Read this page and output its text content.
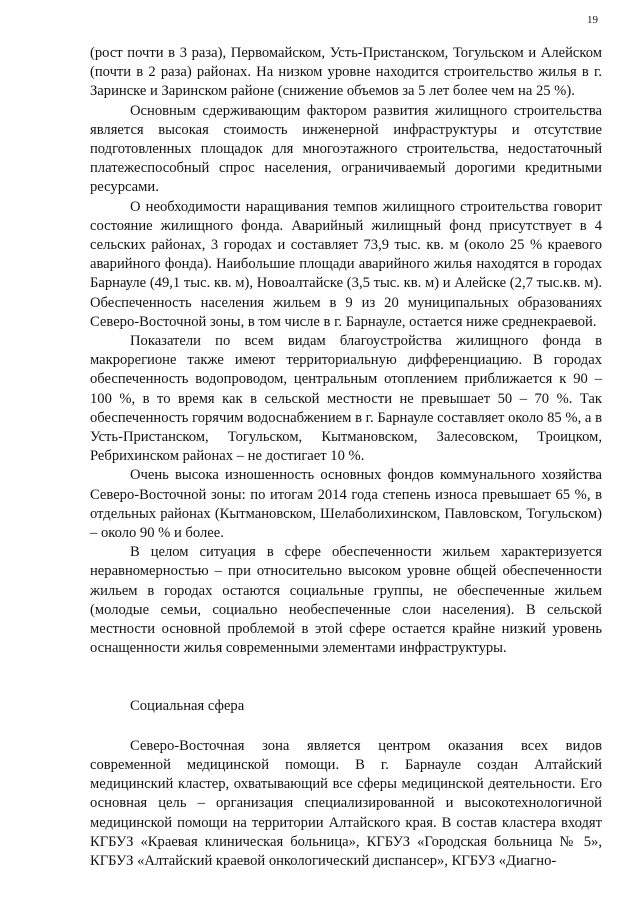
19

(рост почти в 3 раза), Первомайском, Усть-Пристанском, Тогульском и Алейском (почти в 2 раза) районах. На низком уровне находится строительство жилья в г. Заринске и Заринском районе (снижение объемов за 5 лет более чем на 25 %).

Основным сдерживающим фактором развития жилищного строительства является высокая стоимость инженерной инфраструктуры и отсутствие подготовленных площадок для многоэтажного строительства, недостаточный платежеспособный спрос населения, ограничиваемый дорогими кредитными ресурсами.

О необходимости наращивания темпов жилищного строительства говорит состояние жилищного фонда. Аварийный жилищный фонд присутствует в 4 сельских районах, 3 городах и составляет 73,9 тыс. кв. м (около 25 % краевого аварийного фонда). Наибольшие площади аварийного жилья находятся в городах Барнауле (49,1 тыс. кв. м), Новоалтайске (3,5 тыс. кв. м) и Алейске (2,7 тыс.кв. м). Обеспеченность населения жильем в 9 из 20 муниципальных образованиях Северо-Восточной зоны, в том числе в г. Барнауле, остается ниже среднекраевой.

Показатели по всем видам благоустройства жилищного фонда в макрорегионе также имеют территориальную дифференциацию. В городах обеспеченность водопроводом, центральным отоплением приближается к 90 – 100 %, в то время как в сельской местности не превышает 50 – 70 %. Так обеспеченность горячим водоснабжением в г. Барнауле составляет около 85 %, а в Усть-Пристанском, Тогульском, Кытмановском, Залесовском, Троицком, Ребрихинском районах – не достигает 10 %.

Очень высока изношенность основных фондов коммунального хозяйства Северо-Восточной зоны: по итогам 2014 года степень износа превышает 65 %, в отдельных районах (Кытмановском, Шелаболихинском, Павловском, Тогульском) – около 90 % и более.

В целом ситуация в сфере обеспеченности жильем характеризуется неравномерностью – при относительно высоком уровне общей обеспеченности жильем в городах остаются социальные группы, не обеспеченные жильем (молодые семьи, социально необеспеченные слои населения). В сельской местности основной проблемой в этой сфере остается крайне низкий уровень оснащенности жилья современными элементами инфраструктуры.

Социальная сфера

Северо-Восточная зона является центром оказания всех видов современной медицинской помощи. В г. Барнауле создан Алтайский медицинский кластер, охватывающий все сферы медицинской деятельности. Его основная цель – организация специализированной и высокотехнологичной медицинской помощи на территории Алтайского края. В состав кластера входят КГБУЗ «Краевая клиническая больница», КГБУЗ «Городская больница № 5», КГБУЗ «Алтайский краевой онкологический диспансер», КГБУЗ «Диагно-
